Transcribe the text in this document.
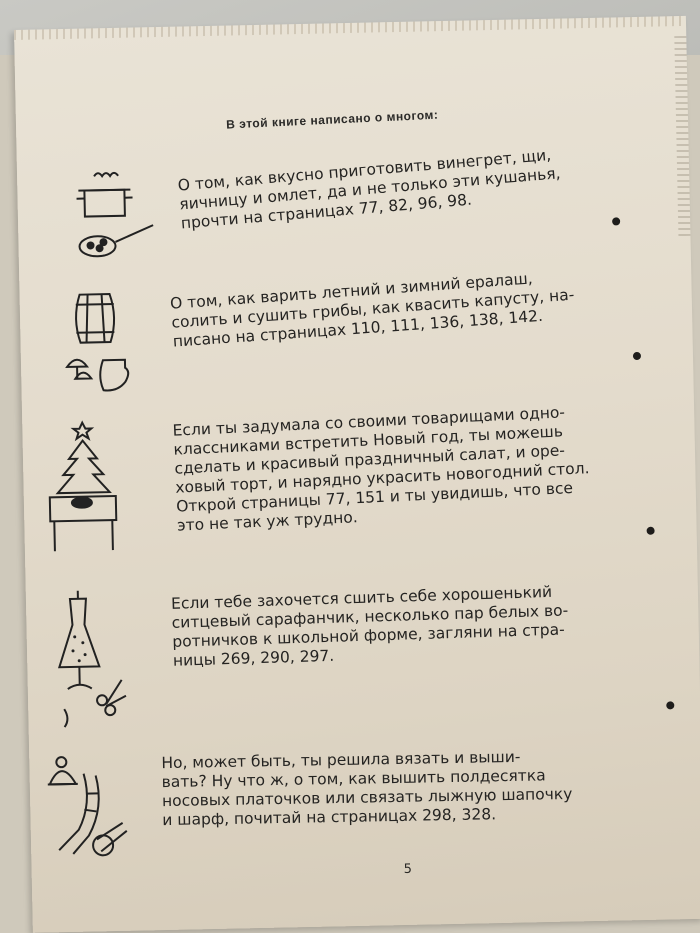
В этой книге написано о многом:
О том, как вкусно приготовить винегрет, щи,
яичницу и омлет, да и не только эти кушанья,
прочти на страницах 77, 82, 96, 98.
О том, как варить летний и зимний ералаш,
солить и сушить грибы, как квасить капусту, на-
писано на страницах 110, 111, 136, 138, 142.
Если ты задумала со своими товарищами одно-
классниками встретить Новый год, ты можешь
сделать и красивый праздничный салат, и оре-
ховый торт, и нарядно украсить новогодний стол.
Открой страницы 77, 151 и ты увидишь, что все
это не так уж трудно.
Если тебе захочется сшить себе хорошенький
ситцевый сарафанчик, несколько пар белых во-
ротничков к школьной форме, загляни на стра-
ницы 269, 290, 297.
Но, может быть, ты решила вязать и выши-
вать? Ну что ж, о том, как вышить полдесятка
носовых платочков или связать лыжную шапочку
и шарф, почитай на страницах 298, 328.
5
